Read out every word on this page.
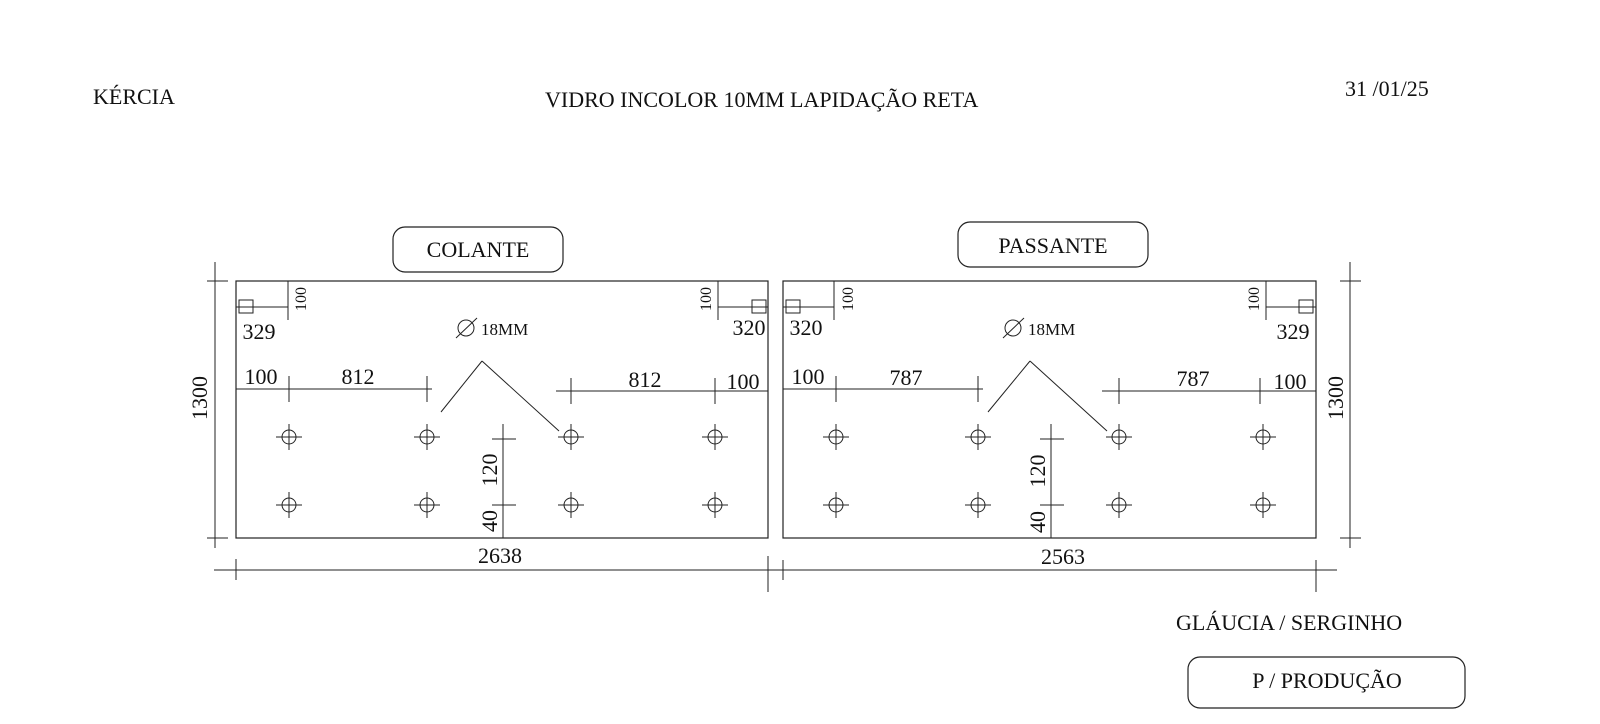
KÉRCIA	VIDRO INCOLOR 10MM LAPIDAÇÃO RETA	31 /01/25
1300	1300
COLANTE
100
329
100
320
18MM
100	812	812	100
120
40
2638
PASSANTE
100
320
100
329
18MM
100	787	787	100
120
40
2563
GLÁUCIA / SERGINHO
P / PRODUÇÃO
